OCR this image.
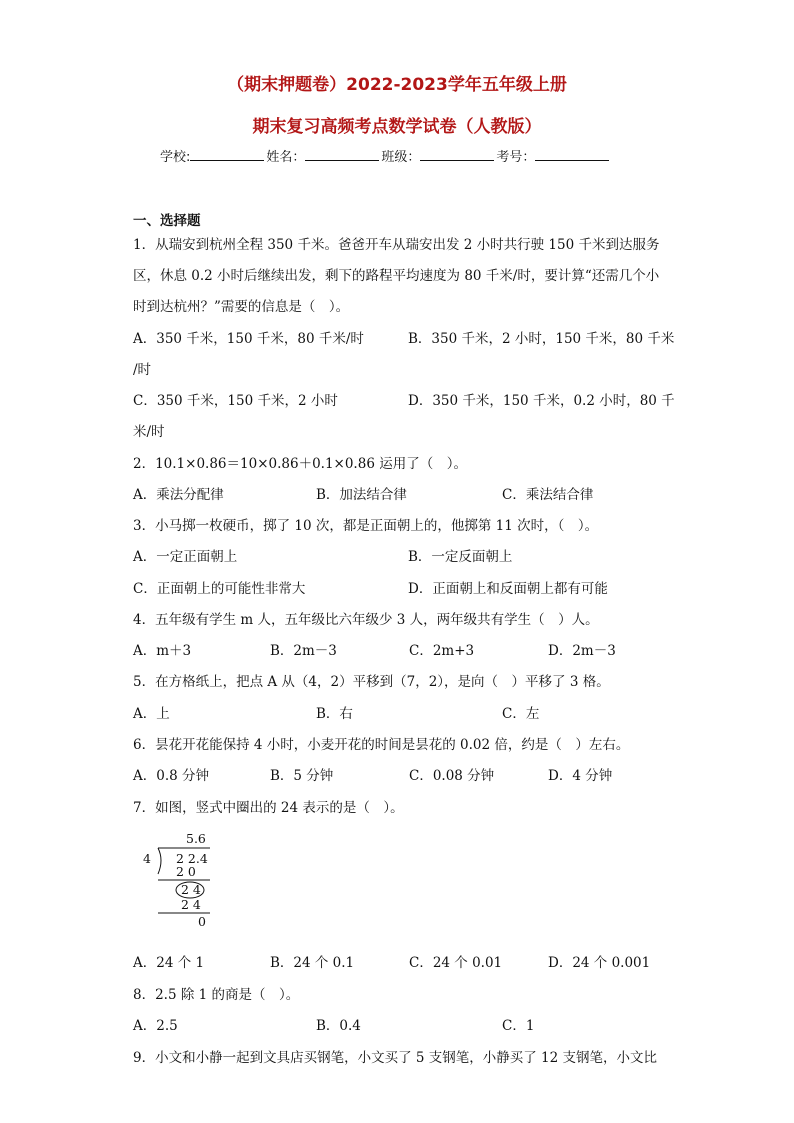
（期末押题卷）2022-2023学年五年级上册
期末复习高频考点数学试卷（人教版）
学校:	姓名：	班级：	考号：
一、选择题
1．从瑞安到杭州全程 350 千米。爸爸开车从瑞安出发 2 小时共行驶 150 千米到达服务
区，休息 0.2 小时后继续出发，剩下的路程平均速度为 80 千米/时，要计算“还需几个小
时到达杭州？”需要的信息是（　）。
A．350 千米，150 千米，80 千米/时	B．350 千米，2 小时，150 千米，80 千米
/时
C．350 千米，150 千米，2 小时	D．350 千米，150 千米，0.2 小时，80 千
米/时
2．10.1×0.86＝10×0.86＋0.1×0.86 运用了（　）。
A．乘法分配律	B．加法结合律	C．乘法结合律
3．小马掷一枚硬币，掷了 10 次，都是正面朝上的，他掷第 11 次时，（　）。
A．一定正面朝上	B．一定反面朝上
C．正面朝上的可能性非常大	D．正面朝上和反面朝上都有可能
4．五年级有学生 m 人，五年级比六年级少 3 人，两年级共有学生（　）人。
A．m＋3	B．2m－3	C．2m+3	D．2m－3
5．在方格纸上，把点 A 从（4，2）平移到（7，2），是向（　）平移了 3 格。
A．上	B．右	C．左
6．昙花开花能保持 4 小时，小麦开花的时间是昙花的 0.02 倍，约是（　）左右。
A．0.8 分钟	B．5 分钟	C．0.08 分钟	D．4 分钟
7．如图，竖式中圈出的 24 表示的是（　）。
5.6
4 2 2.4
2 0
2 4
2 4
0
A．24 个 1	B．24 个 0.1	C．24 个 0.01	D．24 个 0.001
8．2.5 除 1 的商是（　）。
A．2.5	B．0.4	C．1
9．小文和小静一起到文具店买钢笔，小文买了 5 支钢笔，小静买了 12 支钢笔，小文比
